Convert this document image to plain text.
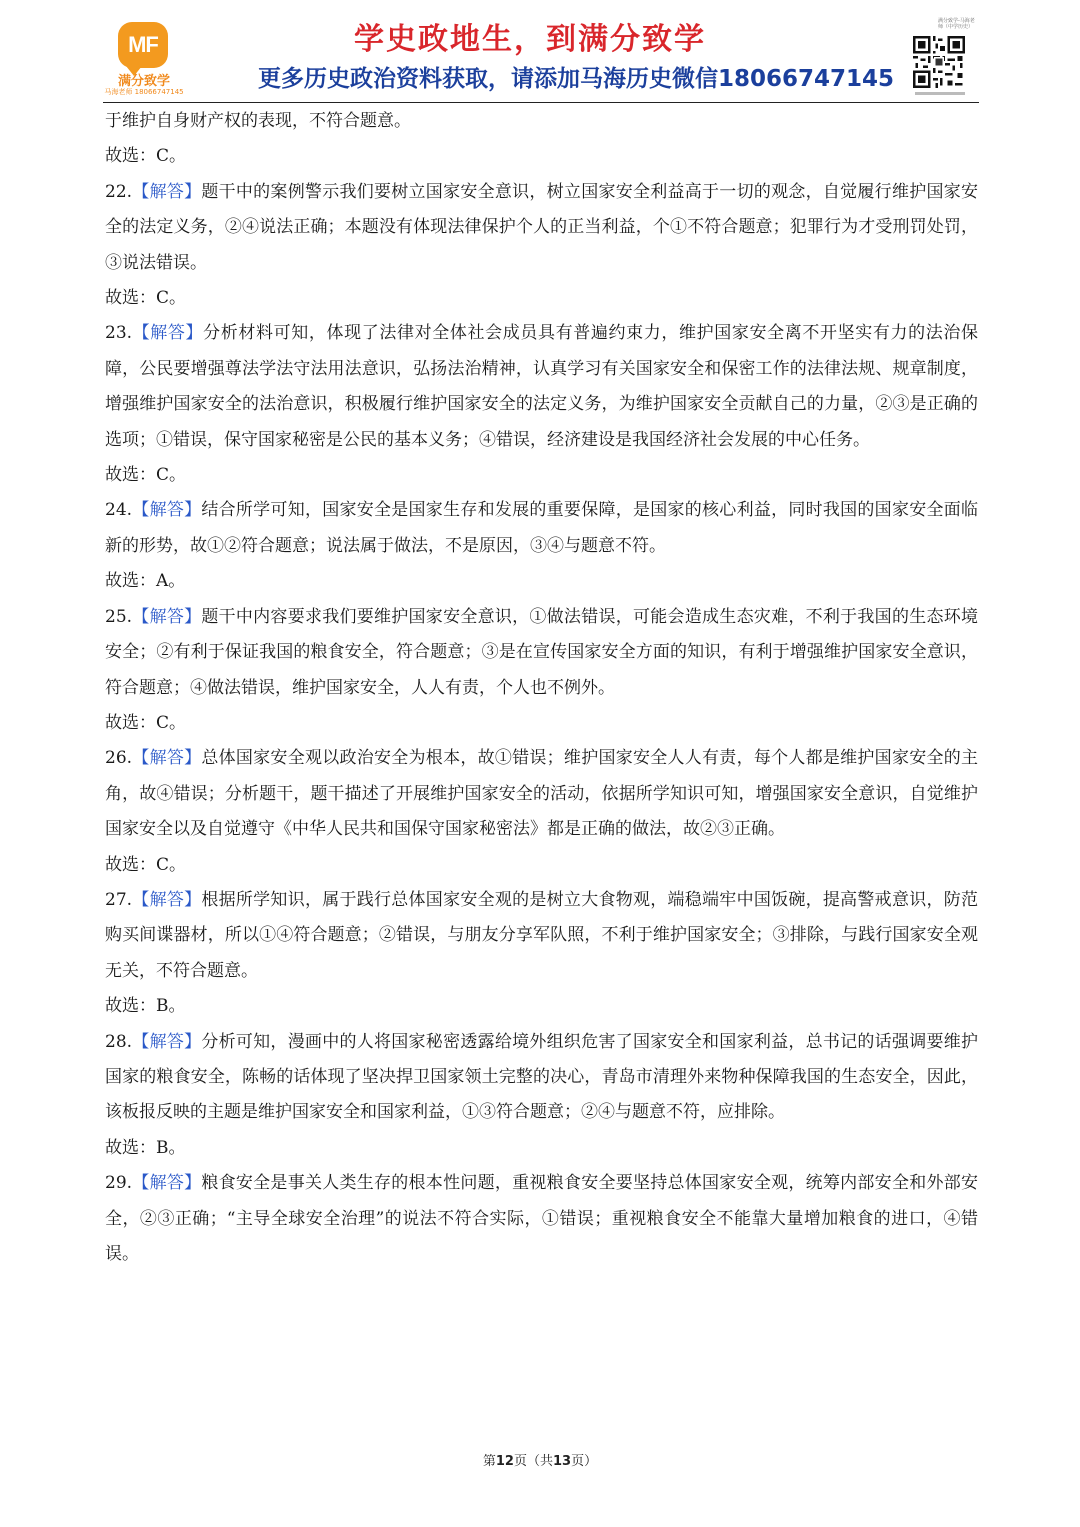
MF
满分致学
马海老师 18066747145
学史政地生，到满分致学
更多历史政治资料获取，请添加马海历史微信18066747145
满分致学-马海老师（中学历史）

于维护自身财产权的表现，不符合题意。

故选：C。

22.【解答】题干中的案例警示我们要树立国家安全意识，树立国家安全利益高于一切的观念，自觉履行维护国家安全的法定义务，②④说法正确；本题没有体现法律保护个人的正当利益，个①不符合题意；犯罪行为才受刑罚处罚，③说法错误。

故选：C。

23.【解答】分析材料可知，体现了法律对全体社会成员具有普遍约束力，维护国家安全离不开坚实有力的法治保障，公民要增强尊法学法守法用法意识，弘扬法治精神，认真学习有关国家安全和保密工作的法律法规、规章制度，增强维护国家安全的法治意识，积极履行维护国家安全的法定义务，为维护国家安全贡献自己的力量，②③是正确的选项；①错误，保守国家秘密是公民的基本义务；④错误，经济建设是我国经济社会发展的中心任务。

故选：C。

24.【解答】结合所学可知，国家安全是国家生存和发展的重要保障，是国家的核心利益，同时我国的国家安全面临新的形势，故①②符合题意；说法属于做法，不是原因，③④与题意不符。

故选：A。

25.【解答】题干中内容要求我们要维护国家安全意识，①做法错误，可能会造成生态灾难，不利于我国的生态环境安全；②有利于保证我国的粮食安全，符合题意；③是在宣传国家安全方面的知识，有利于增强维护国家安全意识，符合题意；④做法错误，维护国家安全，人人有责，个人也不例外。

故选：C。

26.【解答】总体国家安全观以政治安全为根本，故①错误；维护国家安全人人有责，每个人都是维护国家安全的主角，故④错误；分析题干，题干描述了开展维护国家安全的活动，依据所学知识可知，增强国家安全意识，自觉维护国家安全以及自觉遵守《中华人民共和国保守国家秘密法》都是正确的做法，故②③正确。

故选：C。

27.【解答】根据所学知识，属于践行总体国家安全观的是树立大食物观，端稳端牢中国饭碗，提高警戒意识，防范购买间谍器材，所以①④符合题意；②错误，与朋友分享军队照，不利于维护国家安全；③排除，与践行国家安全观无关，不符合题意。

故选：B。

28.【解答】分析可知，漫画中的人将国家秘密透露给境外组织危害了国家安全和国家利益，总书记的话强调要维护国家的粮食安全，陈畅的话体现了坚决捍卫国家领土完整的决心，青岛市清理外来物种保障我国的生态安全，因此，该板报反映的主题是维护国家安全和国家利益，①③符合题意；②④与题意不符，应排除。

故选：B。

29.【解答】粮食安全是事关人类生存的根本性问题，重视粮食安全要坚持总体国家安全观，统筹内部安全和外部安全，②③正确；“主导全球安全治理”的说法不符合实际，①错误；重视粮食安全不能靠大量增加粮食的进口，④错误。

第12页（共13页）
